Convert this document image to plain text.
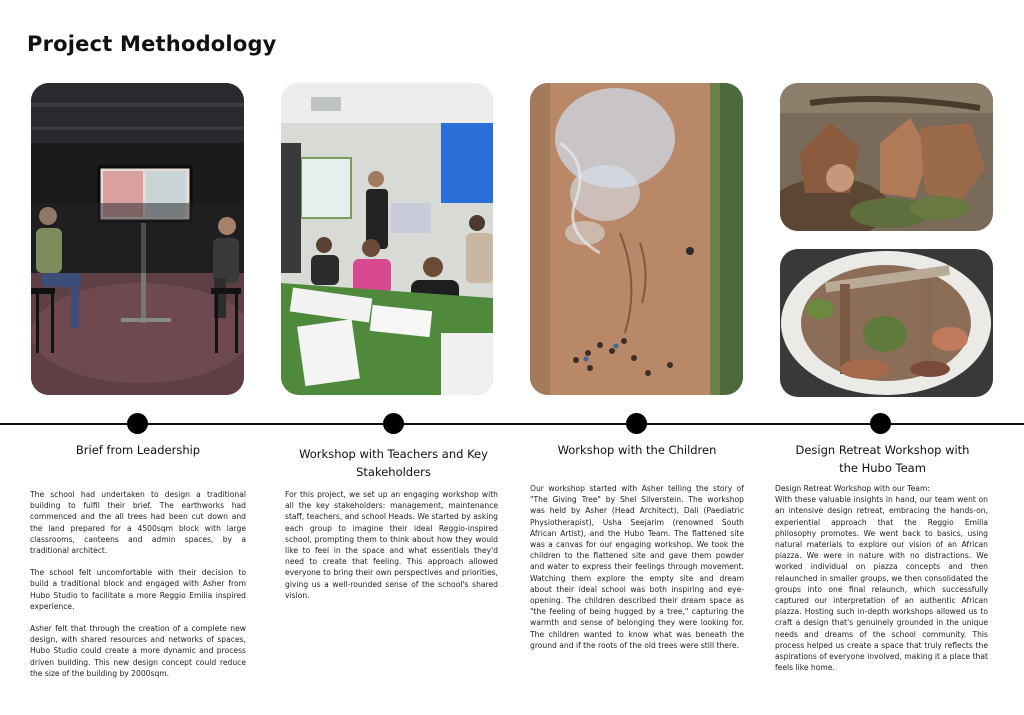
Project Methodology
Brief from Leadership	Workshop with Teachers and Key Stakeholders
Workshop with the Children	Design Retreat Workshop with the Hubo Team

The school had undertaken to design a traditional building to fulfil their brief. The earthworks had commenced and the all trees had been cut down and the land prepared for a 4500sqm block with large classrooms, canteens and admin spaces, by a traditional architect.

The school felt uncomfortable with their decision to build a traditional block and engaged with Asher from Hubo Studio to facilitate a more Reggio Emilia inspired experience.

Asher felt that through the creation of a complete new design, with shared resources and networks of spaces, Hubo Studio could create a more dynamic and process driven building. This new design concept could reduce the size of the building by 2000sqm.

For this project, we set up an engaging workshop with all the key stakeholders: management, maintenance staff, teachers, and school Heads. We started by asking each group to imagine their ideal Reggio-inspired school, prompting them to think about how they would like to feel in the space and what essentials they'd need to create that feeling. This approach allowed everyone to bring their own perspectives and priorities, giving us a well-rounded sense of the school's shared vision.

Our workshop started with Asher telling the story of "The Giving Tree" by Shel Silverstein. The workshop was held by Asher (Head Architect), Dali (Paediatric Physiotherapist), Usha Seejarim (renowned South African Artist), and the Hubo Team. The flattened site was a canvas for our engaging workshop. We took the children to the flattened site and gave them powder and water to express their feelings through movement. Watching them explore the empty site and dream about their ideal school was both inspiring and eye-opening. The children described their dream space as "the feeling of being hugged by a tree," capturing the warmth and sense of belonging they were looking for. The children wanted to know what was beneath the ground and if the roots of the old trees were still there.

Design Retreat Workshop with our Team:

With these valuable insights in hand, our team went on an intensive design retreat, embracing the hands-on, experiential approach that the Reggio Emilia philosophy promotes. We went back to basics, using natural materials to explore our vision of an African piazza. We were in nature with no distractions. We worked individual on piazza concepts and then relaunched in smaller groups, we then consolidated the groups into one final relaunch, which successfully captured our interpretation of an authentic African piazza. Hosting such in-depth workshops allowed us to craft a design that's genuinely grounded in the unique needs and dreams of the school community. This process helped us create a space that truly reflects the aspirations of everyone involved, making it a place that feels like home.
